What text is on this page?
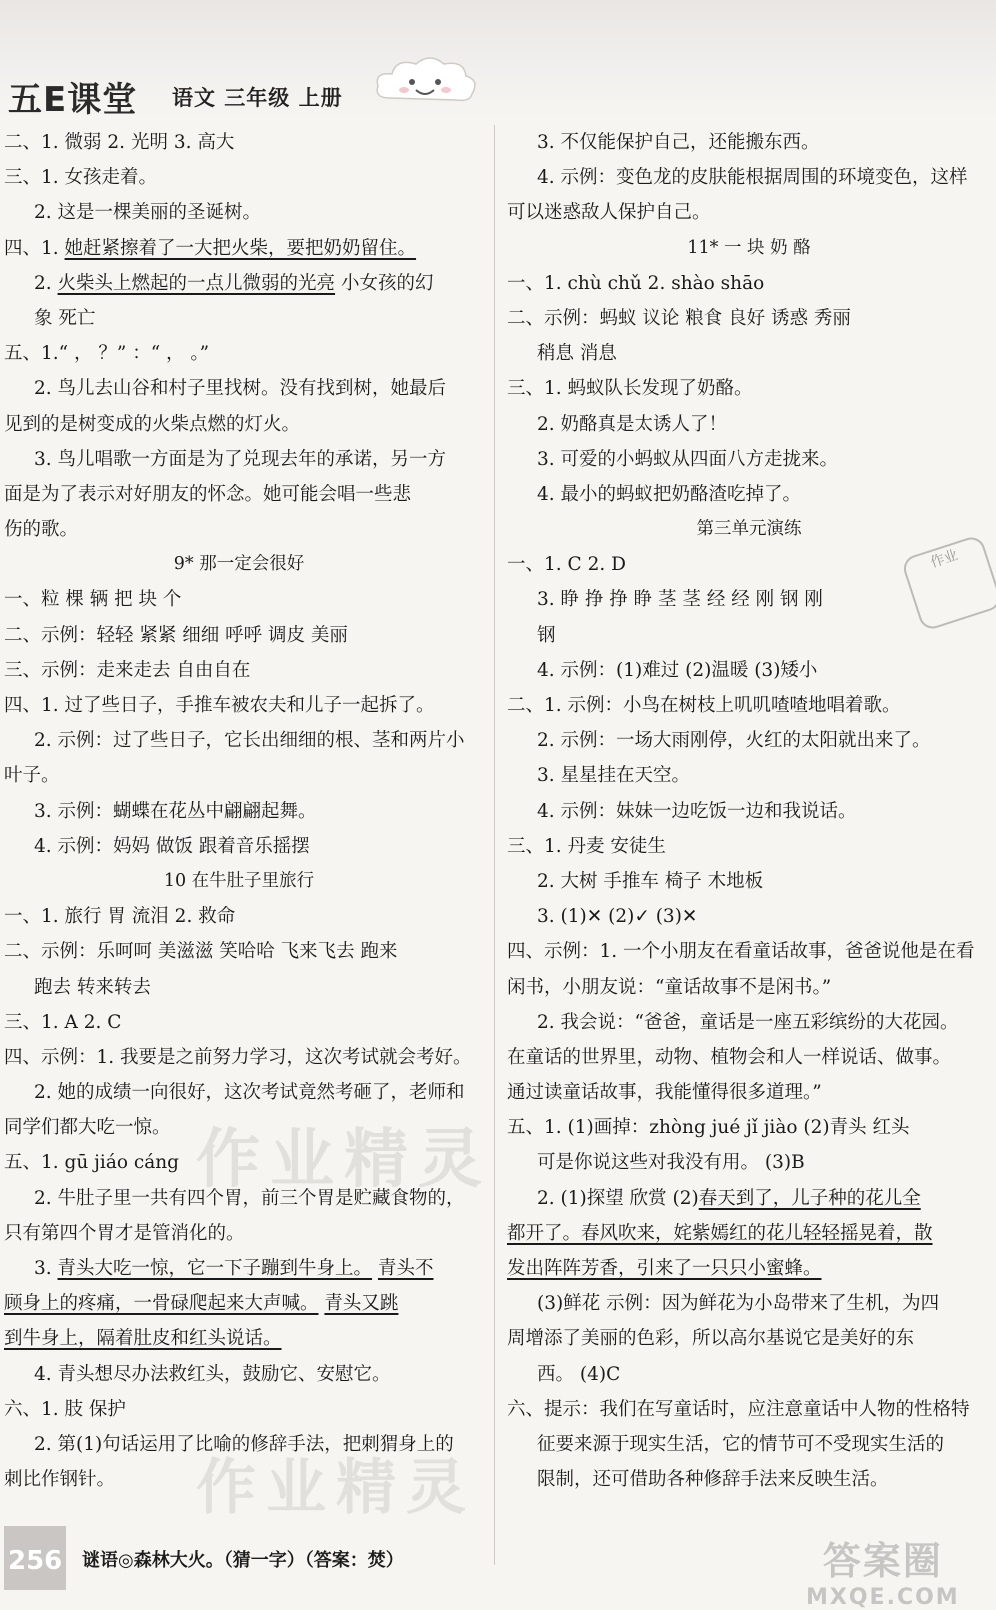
五E课堂 语文 三年级 上册
二、1. 微弱 2. 光明 3. 高大
三、1. 女孩走着。
2. 这是一棵美丽的圣诞树。
四、1. 她赶紧擦着了一大把火柴，要把奶奶留住。
2. 火柴头上燃起的一点儿微弱的光亮 小女孩的幻
象 死亡
五、1.“ ， ？” ：“ ， 。”
2. 鸟儿去山谷和村子里找树。没有找到树，她最后
见到的是树变成的火柴点燃的灯火。
3. 鸟儿唱歌一方面是为了兑现去年的承诺，另一方
面是为了表示对好朋友的怀念。她可能会唱一些悲
伤的歌。
9* 那一定会很好
一、粒 棵 辆 把 块 个
二、示例：轻轻 紧紧 细细 呼呼 调皮 美丽
三、示例：走来走去 自由自在
四、1. 过了些日子，手推车被农夫和儿子一起拆了。
2. 示例：过了些日子，它长出细细的根、茎和两片小
叶子。
3. 示例：蝴蝶在花丛中翩翩起舞。
4. 示例：妈妈 做饭 跟着音乐摇摆
10 在牛肚子里旅行
一、1. 旅行 胃 流泪 2. 救命
二、示例：乐呵呵 美滋滋 笑哈哈 飞来飞去 跑来
跑去 转来转去
三、1. A 2. C
四、示例：1. 我要是之前努力学习，这次考试就会考好。
2. 她的成绩一向很好，这次考试竟然考砸了，老师和
同学们都大吃一惊。
五、1. gū jiáo cáng
2. 牛肚子里一共有四个胃，前三个胃是贮藏食物的，
只有第四个胃才是管消化的。
3. 青头大吃一惊，它一下子蹦到牛身上。 青头不
顾身上的疼痛，一骨碌爬起来大声喊。 青头又跳
到牛身上，隔着肚皮和红头说话。
4. 青头想尽办法救红头，鼓励它、安慰它。
六、1. 肢 保护
2. 第(1)句话运用了比喻的修辞手法，把刺猬身上的
刺比作钢针。
3. 不仅能保护自己，还能搬东西。
4. 示例：变色龙的皮肤能根据周围的环境变色，这样
可以迷惑敌人保护自己。
11* 一 块 奶 酪
一、1. chù chǔ 2. shào shāo
二、示例：蚂蚁 议论 粮食 良好 诱惑 秀丽
稍息 消息
三、1. 蚂蚁队长发现了奶酪。
2. 奶酪真是太诱人了！
3. 可爱的小蚂蚁从四面八方走拢来。
4. 最小的蚂蚁把奶酪渣吃掉了。
第三单元演练
一、1. C 2. D
3. 睁 挣 挣 睁 茎 茎 经 经 刚 钢 刚
钢
4. 示例：(1)难过 (2)温暖 (3)矮小
二、1. 示例：小鸟在树枝上叽叽喳喳地唱着歌。
2. 示例：一场大雨刚停，火红的太阳就出来了。
3. 星星挂在天空。
4. 示例：妹妹一边吃饭一边和我说话。
三、1. 丹麦 安徒生
2. 大树 手推车 椅子 木地板
3. (1)✕ (2)✓ (3)✕
四、示例：1. 一个小朋友在看童话故事，爸爸说他是在看
闲书，小朋友说：“童话故事不是闲书。”
2. 我会说：“爸爸，童话是一座五彩缤纷的大花园。
在童话的世界里，动物、植物会和人一样说话、做事。
通过读童话故事，我能懂得很多道理。”
五、1. (1)画掉：zhòng jué jǐ jiào (2)青头 红头
可是你说这些对我没有用。 (3)B
2. (1)探望 欣赏 (2)春天到了，儿子种的花儿全
都开了。春风吹来，姹紫嫣红的花儿轻轻摇晃着，散
发出阵阵芳香，引来了一只只小蜜蜂。
(3)鲜花 示例：因为鲜花为小岛带来了生机，为四
周增添了美丽的色彩，所以高尔基说它是美好的东
西。 (4)C
六、提示：我们在写童话时，应注意童话中人物的性格特
征要来源于现实生活，它的情节可不受现实生活的
限制，还可借助各种修辞手法来反映生活。
作业
作业精灵
作业精灵
256 谜语◎森林大火。（猜一字）（答案：焚）	答案圈
MXQE.COM
